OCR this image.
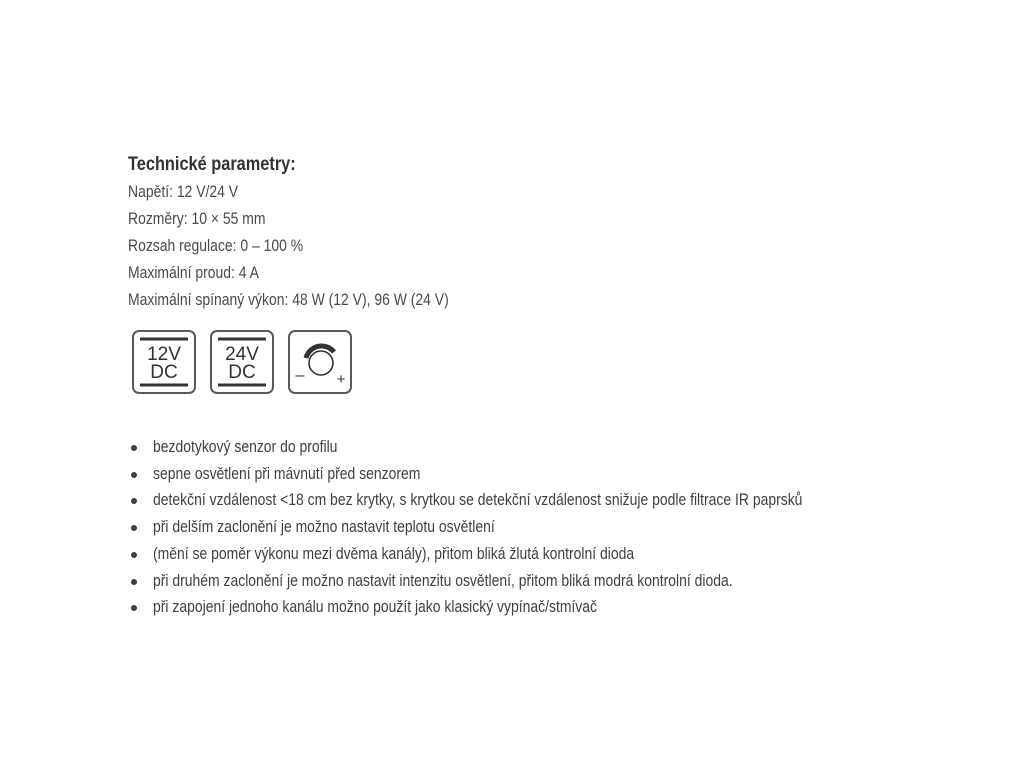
Technické parametry:
Napětí: 12 V/24 V
Rozměry: 10 × 55 mm
Rozsah regulace: 0 – 100 %
Maximální proud: 4 A
Maximální spínaný výkon: 48 W (12 V), 96 W (24 V)
12V
DC
24V
DC – +
bezdotykový senzor do profilu
sepne osvětlení při mávnutí před senzorem
detekční vzdálenost <18 cm bez krytky, s krytkou se detekční vzdálenost snižuje podle filtrace IR paprsků
při delším zaclonění je možno nastavit teplotu osvětlení
(mění se poměr výkonu mezi dvěma kanály), přitom bliká žlutá kontrolní dioda
při druhém zaclonění je možno nastavit intenzitu osvětlení, přitom bliká modrá kontrolní dioda.
při zapojení jednoho kanálu možno použít jako klasický vypínač/stmívač
